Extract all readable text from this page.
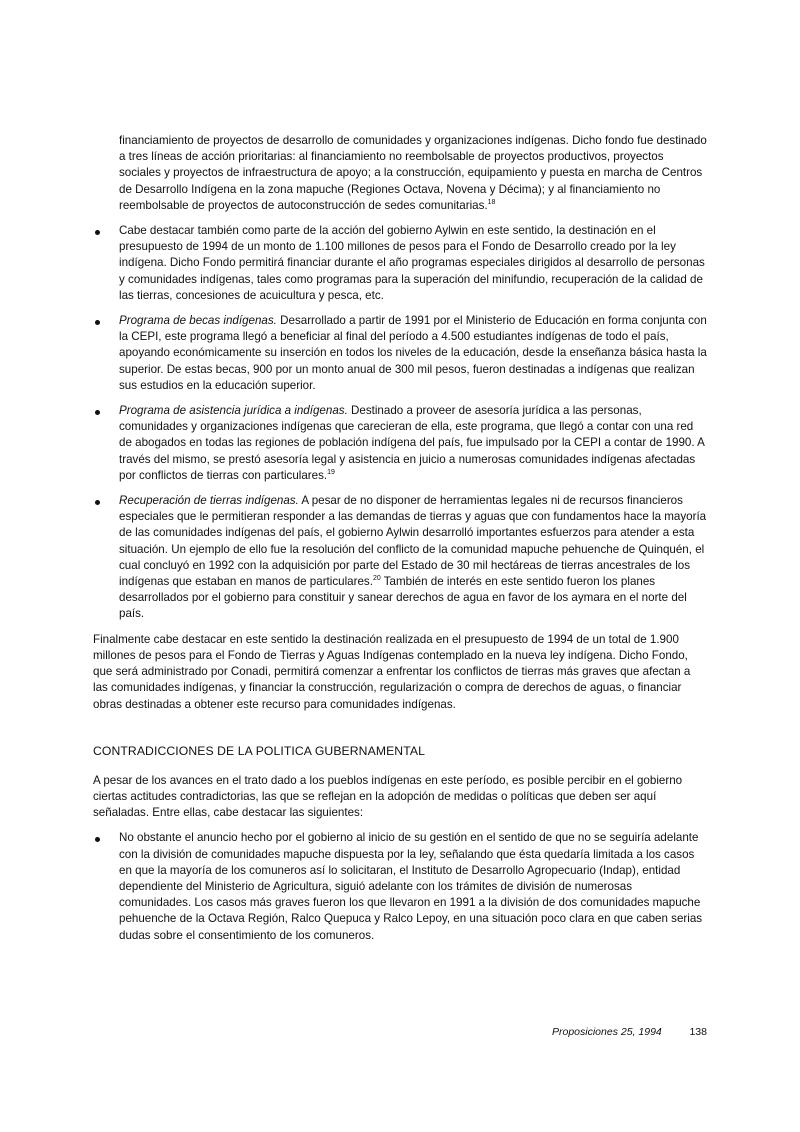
financiamiento de proyectos de desarrollo de comunidades y organizaciones indígenas. Dicho fondo fue destinado a tres líneas de acción prioritarias: al financiamiento no reembolsable de proyectos productivos, proyectos sociales y proyectos de infraestructura de apoyo; a la construcción, equipamiento y puesta en marcha de Centros de Desarrollo Indígena en la zona mapuche (Regiones Octava, Novena y Décima); y al financiamiento no reembolsable de proyectos de autoconstrucción de sedes comunitarias.$^{18}$

Cabe destacar también como parte de la acción del gobierno Aylwin en este sentido, la destinación en el presupuesto de 1994 de un monto de 1.100 millones de pesos para el Fondo de Desarrollo creado por la ley indígena. Dicho Fondo permitirá financiar durante el año programas especiales dirigidos al desarrollo de personas y comunidades indígenas, tales como programas para la superación del minifundio, recuperación de la calidad de las tierras, concesiones de acuicultura y pesca, etc.
Programa de becas indígenas. Desarrollado a partir de 1991 por el Ministerio de Educación en forma conjunta con la CEPI, este programa llegó a beneficiar al final del período a 4.500 estudiantes indígenas de todo el país, apoyando económicamente su inserción en todos los niveles de la educación, desde la enseñanza básica hasta la superior. De estas becas, 900 por un monto anual de 300 mil pesos, fueron destinadas a indígenas que realizan sus estudios en la educación superior.
Programa de asistencia jurídica a indígenas. Destinado a proveer de asesoría jurídica a las personas, comunidades y organizaciones indígenas que carecieran de ella, este programa, que llegó a contar con una red de abogados en todas las regiones de población indígena del país, fue impulsado por la CEPI a contar de 1990. A través del mismo, se prestó asesoría legal y asistencia en juicio a numerosas comunidades indígenas afectadas por conflictos de tierras con particulares.$^{19}$
Recuperación de tierras indígenas. A pesar de no disponer de herramientas legales ni de recursos financieros especiales que le permitieran responder a las demandas de tierras y aguas que con fundamentos hace la mayoría de las comunidades indígenas del país, el gobierno Aylwin desarrolló importantes esfuerzos para atender a esta situación. Un ejemplo de ello fue la resolución del conflicto de la comunidad mapuche pehuenche de Quinquén, el cual concluyó en 1992 con la adquisición por parte del Estado de 30 mil hectáreas de tierras ancestrales de los indígenas que estaban en manos de particulares.$^{20}$ También de interés en este sentido fueron los planes desarrollados por el gobierno para constituir y sanear derechos de agua en favor de los aymara en el norte del país.

Finalmente cabe destacar en este sentido la destinación realizada en el presupuesto de 1994 de un total de 1.900 millones de pesos para el Fondo de Tierras y Aguas Indígenas contemplado en la nueva ley indígena. Dicho Fondo, que será administrado por Conadi, permitirá comenzar a enfrentar los conflictos de tierras más graves que afectan a las comunidades indígenas, y financiar la construcción, regularización o compra de derechos de aguas, o financiar obras destinadas a obtener este recurso para comunidades indígenas.

CONTRADICCIONES DE LA POLITICA GUBERNAMENTAL

A pesar de los avances en el trato dado a los pueblos indígenas en este período, es posible percibir en el gobierno ciertas actitudes contradictorias, las que se reflejan en la adopción de medidas o políticas que deben ser aquí señaladas. Entre ellas, cabe destacar las siguientes:

No obstante el anuncio hecho por el gobierno al inicio de su gestión en el sentido de que no se seguiría adelante con la división de comunidades mapuche dispuesta por la ley, señalando que ésta quedaría limitada a los casos en que la mayoría de los comuneros así lo solicitaran, el Instituto de Desarrollo Agropecuario (Indap), entidad dependiente del Ministerio de Agricultura, siguió adelante con los trámites de división de numerosas comunidades. Los casos más graves fueron los que llevaron en 1991 a la división de dos comunidades mapuche pehuenche de la Octava Región, Ralco Quepuca y Ralco Lepoy, en una situación poco clara en que caben serias dudas sobre el consentimiento de los comuneros.
Proposiciones 25, 1994	138
